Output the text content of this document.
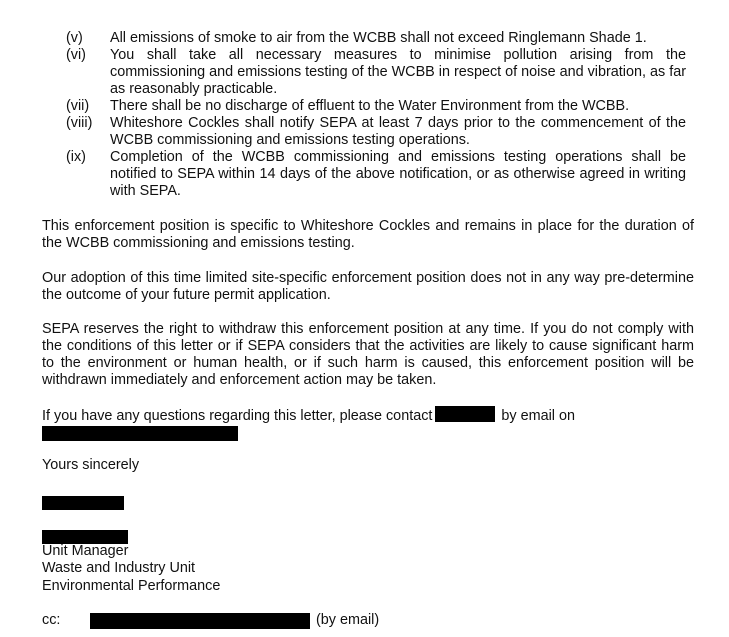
(v)	All emissions of smoke to air from the WCBB shall not exceed Ringlemann Shade 1.
(vi)	You shall take all necessary measures to minimise pollution arising from the commissioning and emissions testing of the WCBB in respect of noise and vibration, as far as reasonably practicable.
(vii)	There shall be no discharge of effluent to the Water Environment from the WCBB.
(viii)	Whiteshore Cockles shall notify SEPA at least 7 days prior to the commencement of the WCBB commissioning and emissions testing operations.
(ix)	Completion of the WCBB commissioning and emissions testing operations shall be notified to SEPA within 14 days of the above notification, or as otherwise agreed in writing with SEPA.
This enforcement position is specific to Whiteshore Cockles and remains in place for the duration of the WCBB commissioning and emissions testing.
Our adoption of this time limited site-specific enforcement position does not in any way pre-determine the outcome of your future permit application.
SEPA reserves the right to withdraw this enforcement position at any time. If you do not comply with the conditions of this letter or if SEPA considers that the activities are likely to cause significant harm to the environment or human health, or if such harm is caused, this enforcement position will be withdrawn immediately and enforcement action may be taken.
If you have any questions regarding this letter, please contact	by email on
Yours sincerely
Unit Manager
Waste and Industry Unit
Environmental Performance
cc:	(by email)
